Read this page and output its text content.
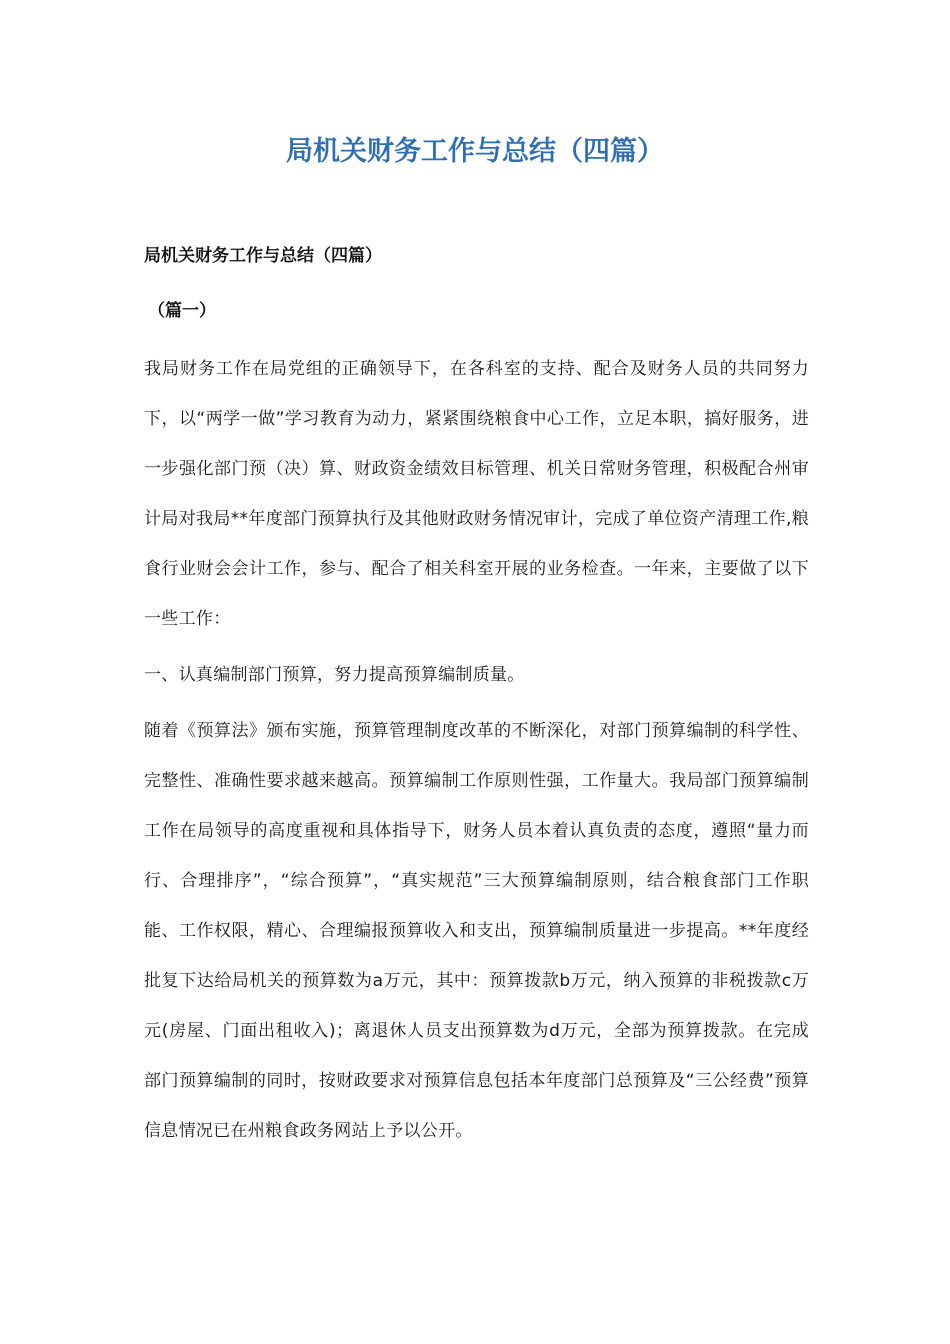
局机关财务工作与总结（四篇）

局机关财务工作与总结（四篇）

（篇一）

我局财务工作在局党组的正确领导下，在各科室的支持、配合及财务人员的共同努力下，以“两学一做”学习教育为动力，紧紧围绕粮食中心工作，立足本职，搞好服务，进一步强化部门预（决）算、财政资金绩效目标管理、机关日常财务管理，积极配合州审计局对我局**年度部门预算执行及其他财政财务情况审计，完成了单位资产清理工作,粮食行业财会会计工作，参与、配合了相关科室开展的业务检查。一年来，主要做了以下一些工作：

一、认真编制部门预算，努力提高预算编制质量。

随着《预算法》颁布实施，预算管理制度改革的不断深化，对部门预算编制的科学性、完整性、准确性要求越来越高。预算编制工作原则性强，工作量大。我局部门预算编制工作在局领导的高度重视和具体指导下，财务人员本着认真负责的态度，遵照“量力而行、合理排序”，“综合预算”，“真实规范”三大预算编制原则，结合粮食部门工作职能、工作权限，精心、合理编报预算收入和支出，预算编制质量进一步提高。**年度经批复下达给局机关的预算数为a万元，其中：预算拨款b万元，纳入预算的非税拨款c万元(房屋、门面出租收入)；离退休人员支出预算数为d万元，全部为预算拨款。在完成部门预算编制的同时，按财政要求对预算信息包括本年度部门总预算及“三公经费”预算信息情况已在州粮食政务网站上予以公开。
